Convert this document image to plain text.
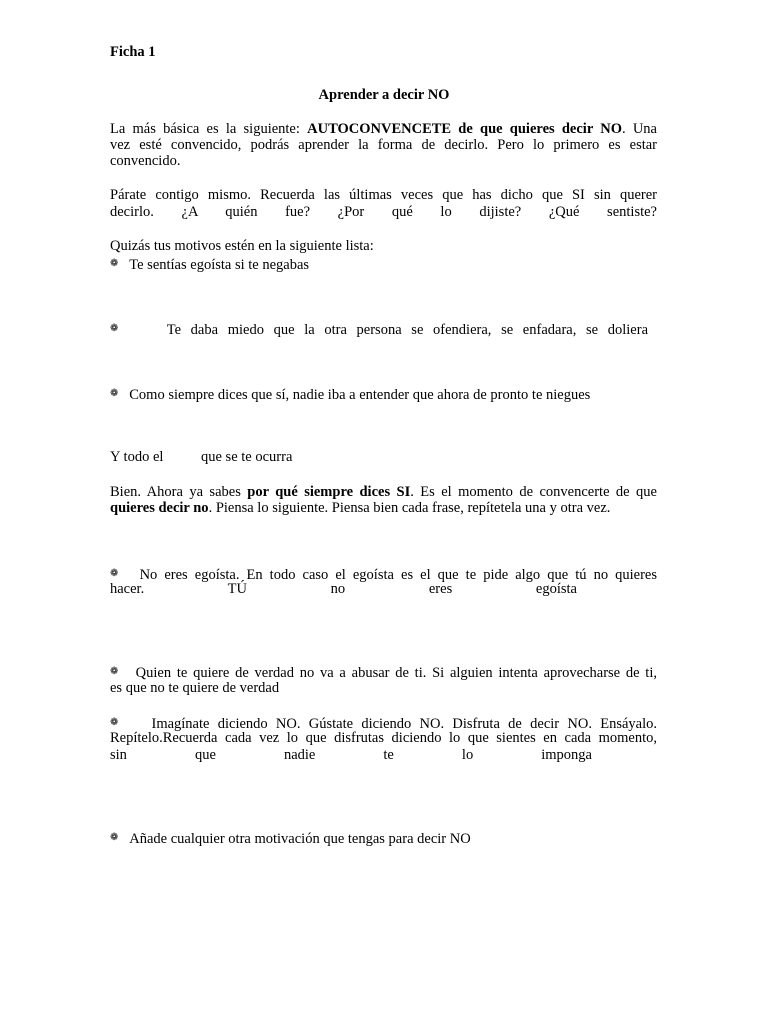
Ficha 1

Aprender a decir NO

La más básica es la siguiente: AUTOCONVENCETE de que quieres decir NO. Una

vez esté convencido, podrás aprender la forma de decirlo. Pero lo primero es estar

convencido.

Párate contigo mismo. Recuerda las últimas veces que has dicho que SI sin querer

decirlo. ¿A quién fue? ¿Por qué lo dijiste? ¿Qué sentiste?

Quizás tus motivos estén en la siguiente lista:

❁ Te sentías egoísta si te negabas

❁	Te daba miedo que la otra persona se ofendiera, se enfadara, se doliera

❁ Como siempre dices que sí, nadie iba a entender que ahora de pronto te niegues

Y todo el	que se te ocurra

Bien. Ahora ya sabes por qué siempre dices SI. Es el momento de convencerte de que

quieres decir no. Piensa lo siguiente. Piensa bien cada frase, repítetela una y otra vez.

❁ No eres egoísta. En todo caso el egoísta es el que te pide algo que tú no quieres

hacer. TÚ no eres egoísta

❁ Quien te quiere de verdad no va a abusar de ti. Si alguien intenta aprovecharse de ti,

es que no te quiere de verdad

❁ Imagínate diciendo NO. Gústate diciendo NO. Disfruta de decir NO. Ensáyalo.

Repítelo.Recuerda cada vez lo que disfrutas diciendo lo que sientes en cada momento,

sin que nadie te lo imponga

❁ Añade cualquier otra motivación que tengas para decir NO
